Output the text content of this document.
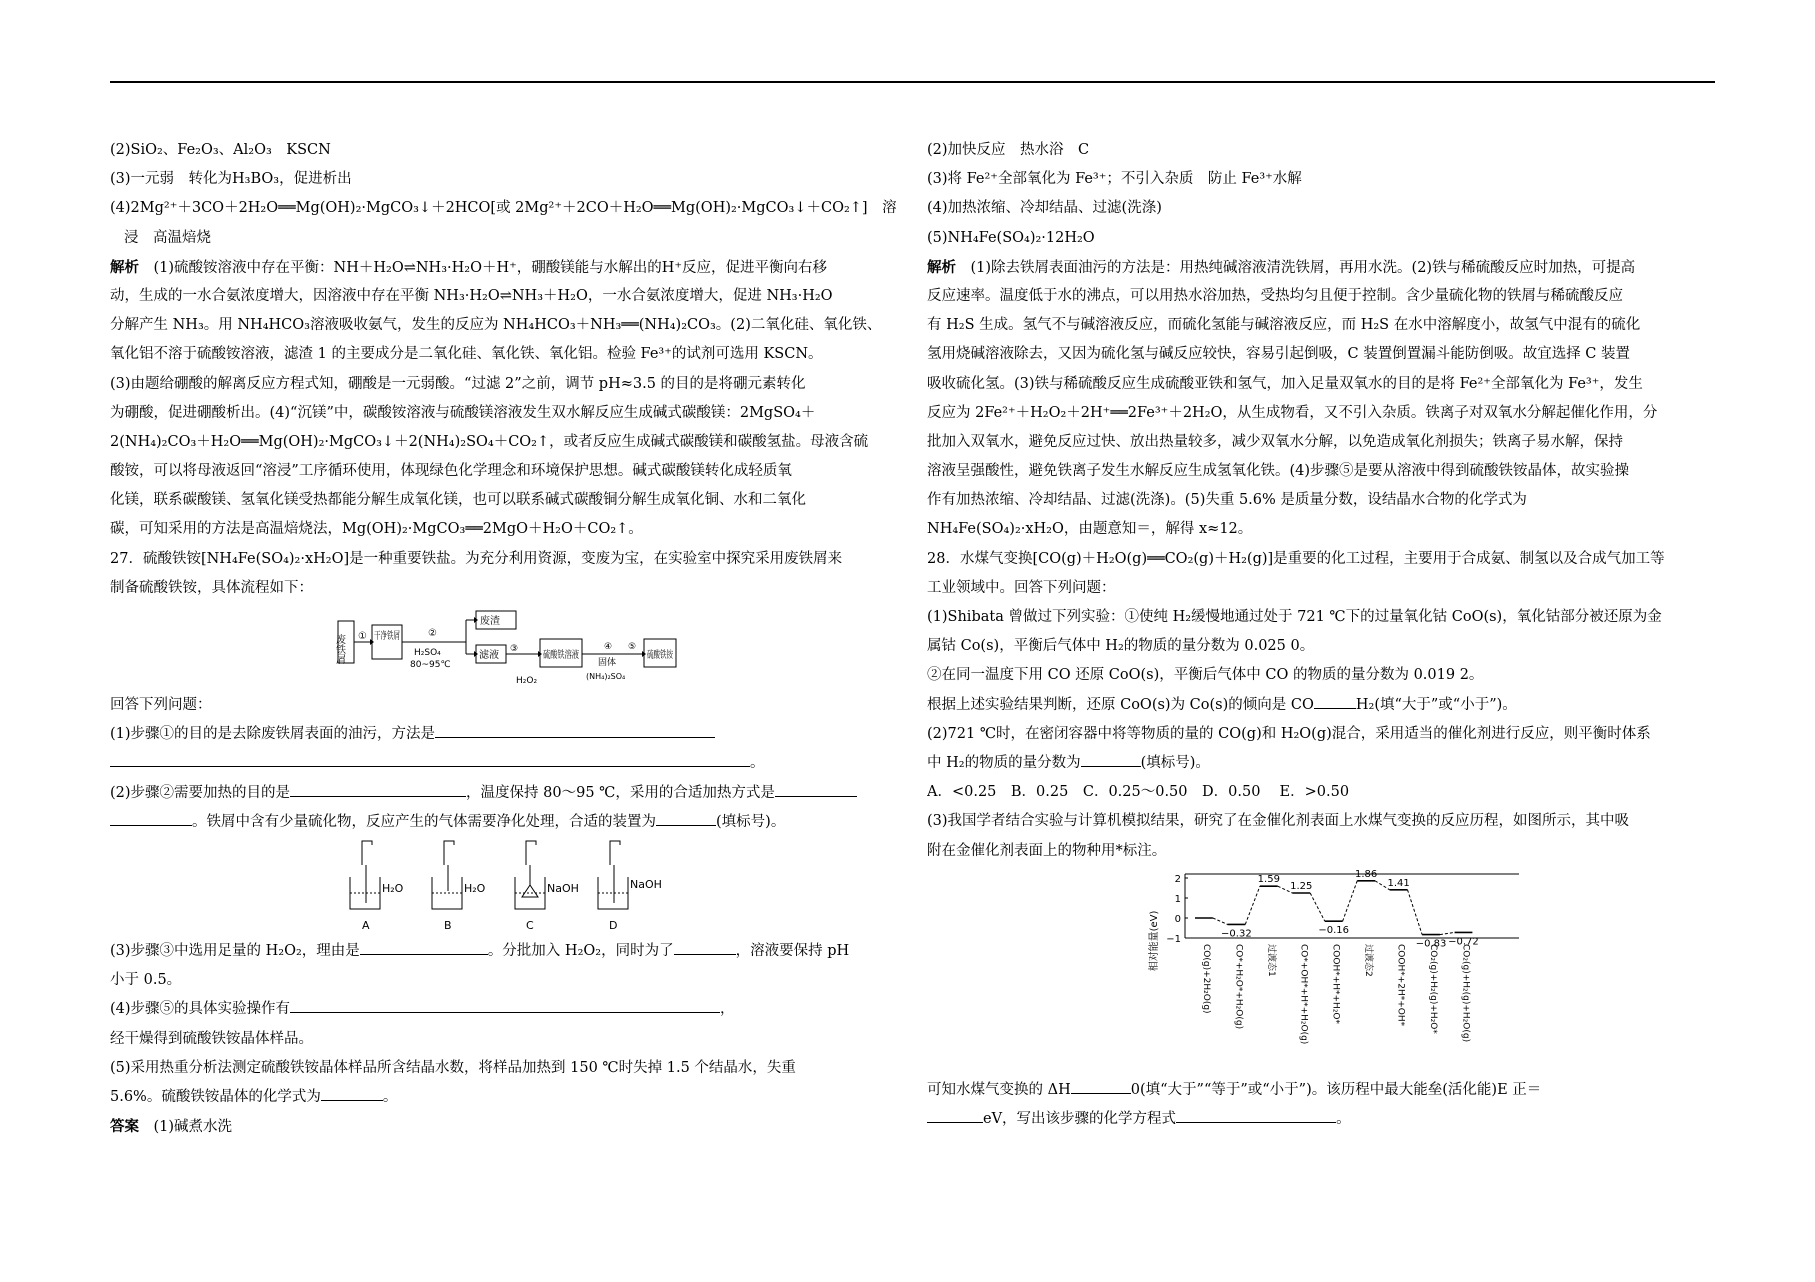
(2)SiO₂、Fe₂O₃、Al₂O₃　KSCN
(3)一元弱　转化为H₃BO₃，促进析出
(4)2Mg²⁺＋3CO＋2H₂O══Mg(OH)₂·MgCO₃↓＋2HCO[或 2Mg²⁺＋2CO＋H₂O══Mg(OH)₂·MgCO₃↓＋CO₂↑]　溶
浸　高温焙烧
解析　 (1)硫酸铵溶液中存在平衡：NH＋H₂O⇌NH₃·H₂O＋H⁺，硼酸镁能与水解出的H⁺反应，促进平衡向右移
动，生成的一水合氨浓度增大，因溶液中存在平衡 NH₃·H₂O⇌NH₃＋H₂O，一水合氨浓度增大，促进 NH₃·H₂O
分解产生 NH₃。用 NH₄HCO₃溶液吸收氨气，发生的反应为 NH₄HCO₃＋NH₃══(NH₄)₂CO₃。(2)二氧化硅、氧化铁、
氧化铝不溶于硫酸铵溶液，滤渣 1 的主要成分是二氧化硅、氧化铁、氧化铝。检验 Fe³⁺的试剂可选用 KSCN。
(3)由题给硼酸的解离反应方程式知，硼酸是一元弱酸。“过滤 2”之前，调节 pH≈3.5 的目的是将硼元素转化
为硼酸，促进硼酸析出。(4)“沉镁”中，碳酸铵溶液与硫酸镁溶液发生双水解反应生成碱式碳酸镁：2MgSO₄＋
2(NH₄)₂CO₃＋H₂O══Mg(OH)₂·MgCO₃↓＋2(NH₄)₂SO₄＋CO₂↑，或者反应生成碱式碳酸镁和碳酸氢盐。母液含硫
酸铵，可以将母液返回“溶浸”工序循环使用，体现绿色化学理念和环境保护思想。碱式碳酸镁转化成轻质氧
化镁，联系碳酸镁、氢氧化镁受热都能分解生成氧化镁，也可以联系碱式碳酸铜分解生成氧化铜、水和二氧化
碳，可知采用的方法是高温焙烧法，Mg(OH)₂·MgCO₃══2MgO＋H₂O＋CO₂↑。
27．硫酸铁铵[NH₄Fe(SO₄)₂·xH₂O]是一种重要铁盐。为充分利用资源，变废为宝，在实验室中探究采用废铁屑来
制备硫酸铁铵，具体流程如下：
废铁屑 ① 干净铁屑 ②
H₂SO₄
80~95℃
废渣
滤液
③
H₂O₂
硫酸铁溶液
④
固体
(NH₄)₂SO₄
⑤
硫酸铁铵
回答下列问题：
(1)步骤①的目的是去除废铁屑表面的油污，方法是
。
(2)步骤②需要加热的目的是	，温度保持 80～95 ℃，采用的合适加热方式是
。铁屑中含有少量硫化物，反应产生的气体需要净化处理，合适的装置为	(填标号)。
H₂O
A
H₂O
B
NaOH
C
NaOH
D
(3)步骤③中选用足量的 H₂O₂，理由是	。分批加入 H₂O₂，同时为了	，溶液要保持 pH
小于 0.5。
(4)步骤⑤的具体实验操作有	，
经干燥得到硫酸铁铵晶体样品。
(5)采用热重分析法测定硫酸铁铵晶体样品所含结晶水数，将样品加热到 150 ℃时失掉 1.5 个结晶水，失重
5.6%。硫酸铁铵晶体的化学式为	。
答案　 (1)碱煮水洗
(2)加快反应　热水浴　C
(3)将 Fe²⁺全部氧化为 Fe³⁺；不引入杂质　防止 Fe³⁺水解
(4)加热浓缩、冷却结晶、过滤(洗涤)
(5)NH₄Fe(SO₄)₂·12H₂O
解析　 (1)除去铁屑表面油污的方法是：用热纯碱溶液清洗铁屑，再用水洗。(2)铁与稀硫酸反应时加热，可提高
反应速率。温度低于水的沸点，可以用热水浴加热，受热均匀且便于控制。含少量硫化物的铁屑与稀硫酸反应
有 H₂S 生成。氢气不与碱溶液反应，而硫化氢能与碱溶液反应，而 H₂S 在水中溶解度小，故氢气中混有的硫化
氢用烧碱溶液除去，又因为硫化氢与碱反应较快，容易引起倒吸，C 装置倒置漏斗能防倒吸。故宜选择 C 装置
吸收硫化氢。(3)铁与稀硫酸反应生成硫酸亚铁和氢气，加入足量双氧水的目的是将 Fe²⁺全部氧化为 Fe³⁺，发生
反应为 2Fe²⁺＋H₂O₂＋2H⁺══2Fe³⁺＋2H₂O，从生成物看，又不引入杂质。铁离子对双氧水分解起催化作用，分
批加入双氧水，避免反应过快、放出热量较多，减少双氧水分解，以免造成氧化剂损失；铁离子易水解，保持
溶液呈强酸性，避免铁离子发生水解反应生成氢氧化铁。(4)步骤⑤是要从溶液中得到硫酸铁铵晶体，故实验操
作有加热浓缩、冷却结晶、过滤(洗涤)。(5)失重 5.6% 是质量分数，设结晶水合物的化学式为
NH₄Fe(SO₄)₂·xH₂O，由题意知＝，解得 x≈12。
28．水煤气变换[CO(g)＋H₂O(g)══CO₂(g)＋H₂(g)]是重要的化工过程，主要用于合成氨、制氢以及合成气加工等
工业领域中。回答下列问题：
(1)Shibata 曾做过下列实验：①使纯 H₂缓慢地通过处于 721 ℃下的过量氧化钴 CoO(s)，氧化钴部分被还原为金
属钴 Co(s)，平衡后气体中 H₂的物质的量分数为 0.025 0。
②在同一温度下用 CO 还原 CoO(s)，平衡后气体中 CO 的物质的量分数为 0.019 2。
根据上述实验结果判断，还原 CoO(s)为 Co(s)的倾向是 CO	H₂(填“大于”或“小于”)。
(2)721 ℃时，在密闭容器中将等物质的量的 CO(g)和 H₂O(g)混合，采用适当的催化剂进行反应，则平衡时体系
中 H₂的物质的量分数为	(填标号)。
A．<0.25　B．0.25　C．0.25～0.50　D．0.50　 E．>0.50
(3)我国学者结合实验与计算机模拟结果，研究了在金催化剂表面上水煤气变换的反应历程，如图所示，其中吸
附在金催化剂表面上的物种用*标注。
相对能量(eV)
2
1
0
−1
CO(g)+2H₂O(g)
−0.32
CO*+H₂O*+H₂O(g)
1.59
过渡态1
1.25
CO*+OH*+H*+H₂O(g)
−0.16
COOH*+H*+H₂O*
1.86
过渡态2
1.41
COOH*+2H*+OH* −0.83
CO₂(g)+H₂(g)+H₂O*
−0.72
CO₂(g)+H₂(g)+H₂O(g)
可知水煤气变换的 ΔH	0(填“大于”“等于”或“小于”)。该历程中最大能垒(活化能)E 正＝
eV，写出该步骤的化学方程式	。
